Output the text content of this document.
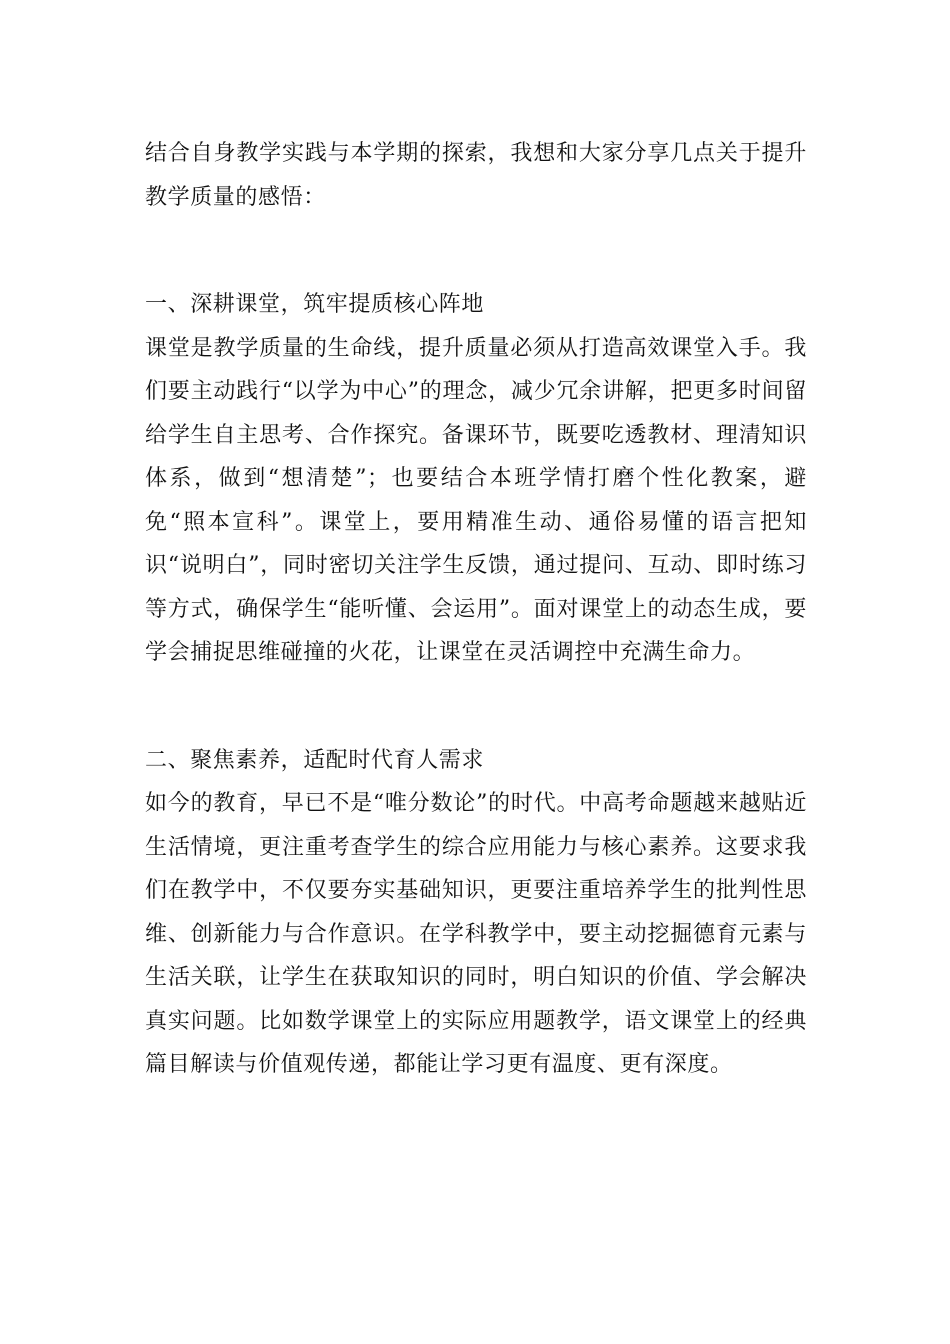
结合自身教学实践与本学期的探索，我想和大家分享几点关于提升教学质量的感悟：

一、深耕课堂，筑牢提质核心阵地

课堂是教学质量的生命线，提升质量必须从打造高效课堂入手。我们要主动践行“以学为中心”的理念，减少冗余讲解，把更多时间留给学生自主思考、合作探究。备课环节，既要吃透教材、理清知识体系，做到“想清楚”；也要结合本班学情打磨个性化教案，避免“照本宣科”。课堂上，要用精准生动、通俗易懂的语言把知识“说明白”，同时密切关注学生反馈，通过提问、互动、即时练习等方式，确保学生“能听懂、会运用”。面对课堂上的动态生成，要学会捕捉思维碰撞的火花，让课堂在灵活调控中充满生命力。

二、聚焦素养，适配时代育人需求

如今的教育，早已不是“唯分数论”的时代。中高考命题越来越贴近生活情境，更注重考查学生的综合应用能力与核心素养。这要求我们在教学中，不仅要夯实基础知识，更要注重培养学生的批判性思维、创新能力与合作意识。在学科教学中，要主动挖掘德育元素与生活关联，让学生在获取知识的同时，明白知识的价值、学会解决真实问题。比如数学课堂上的实际应用题教学，语文课堂上的经典篇目解读与价值观传递，都能让学习更有温度、更有深度。
